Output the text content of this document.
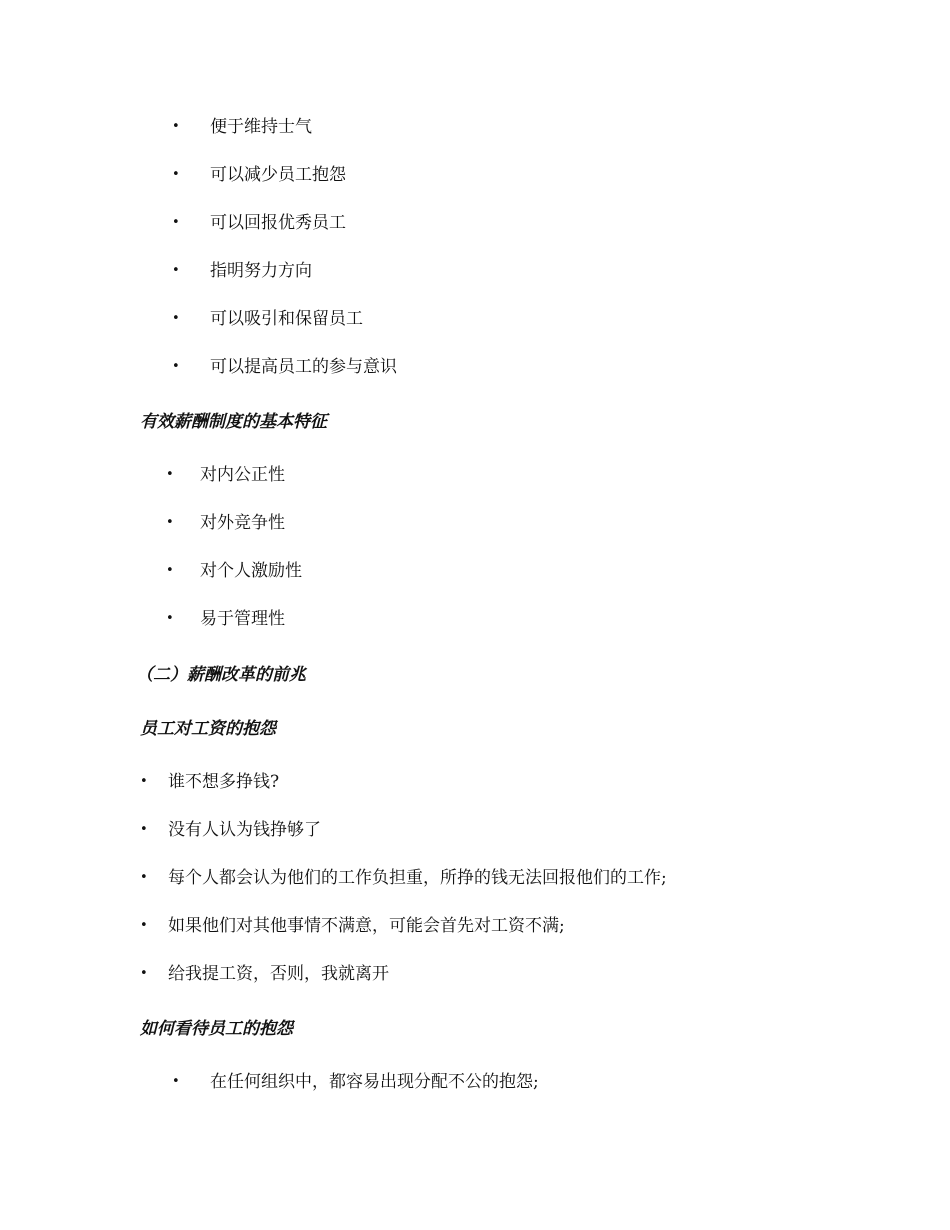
• 便于维持士气
• 可以减少员工抱怨
• 可以回报优秀员工
• 指明努力方向
• 可以吸引和保留员工
• 可以提高员工的参与意识
有效薪酬制度的基本特征
• 对内公正性
• 对外竞争性
• 对个人激励性
• 易于管理性
（二）薪酬改革的前兆
员工对工资的抱怨
• 谁不想多挣钱?
• 没有人认为钱挣够了
• 每个人都会认为他们的工作负担重，所挣的钱无法回报他们的工作;
• 如果他们对其他事情不满意，可能会首先对工资不满;
• 给我提工资，否则，我就离开
如何看待员工的抱怨
• 在任何组织中，都容易出现分配不公的抱怨;
